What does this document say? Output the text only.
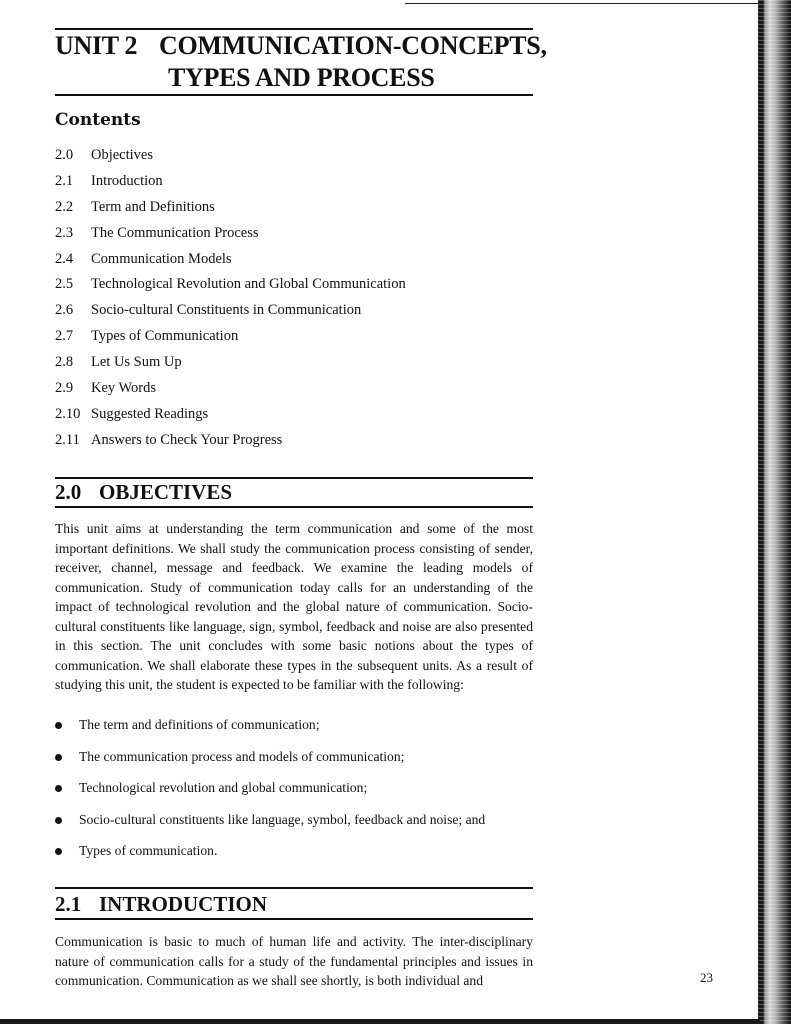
UNIT 2 COMMUNICATION-CONCEPTS,
TYPES AND PROCESS
Contents
2.0 Objectives
2.1 Introduction
2.2 Term and Definitions
2.3 The Communication Process
2.4 Communication Models
2.5 Technological Revolution and Global Communication
2.6 Socio-cultural Constituents in Communication
2.7 Types of Communication
2.8 Let Us Sum Up
2.9 Key Words
2.10 Suggested Readings
2.11 Answers to Check Your Progress
2.0 OBJECTIVES

This unit aims at understanding the term communication and some of the most important definitions. We shall study the communication process consisting of sender, receiver, channel, message and feedback. We examine the leading models of communication. Study of communication today calls for an understanding of the impact of technological revolution and the global nature of communication. Socio-cultural constituents like language, sign, symbol, feedback and noise are also presented in this section. The unit concludes with some basic notions about the types of communication. We shall elaborate these types in the subsequent units. As a result of studying this unit, the student is expected to be familiar with the following:

The term and definitions of communication;
The communication process and models of communication;
Technological revolution and global communication;
Socio-cultural constituents like language, symbol, feedback and noise; and
Types of communication.
2.1 INTRODUCTION

Communication is basic to much of human life and activity. The inter-disciplinary nature of communication calls for a study of the fundamental principles and issues in communication. Communication as we shall see shortly, is both individual and	23
